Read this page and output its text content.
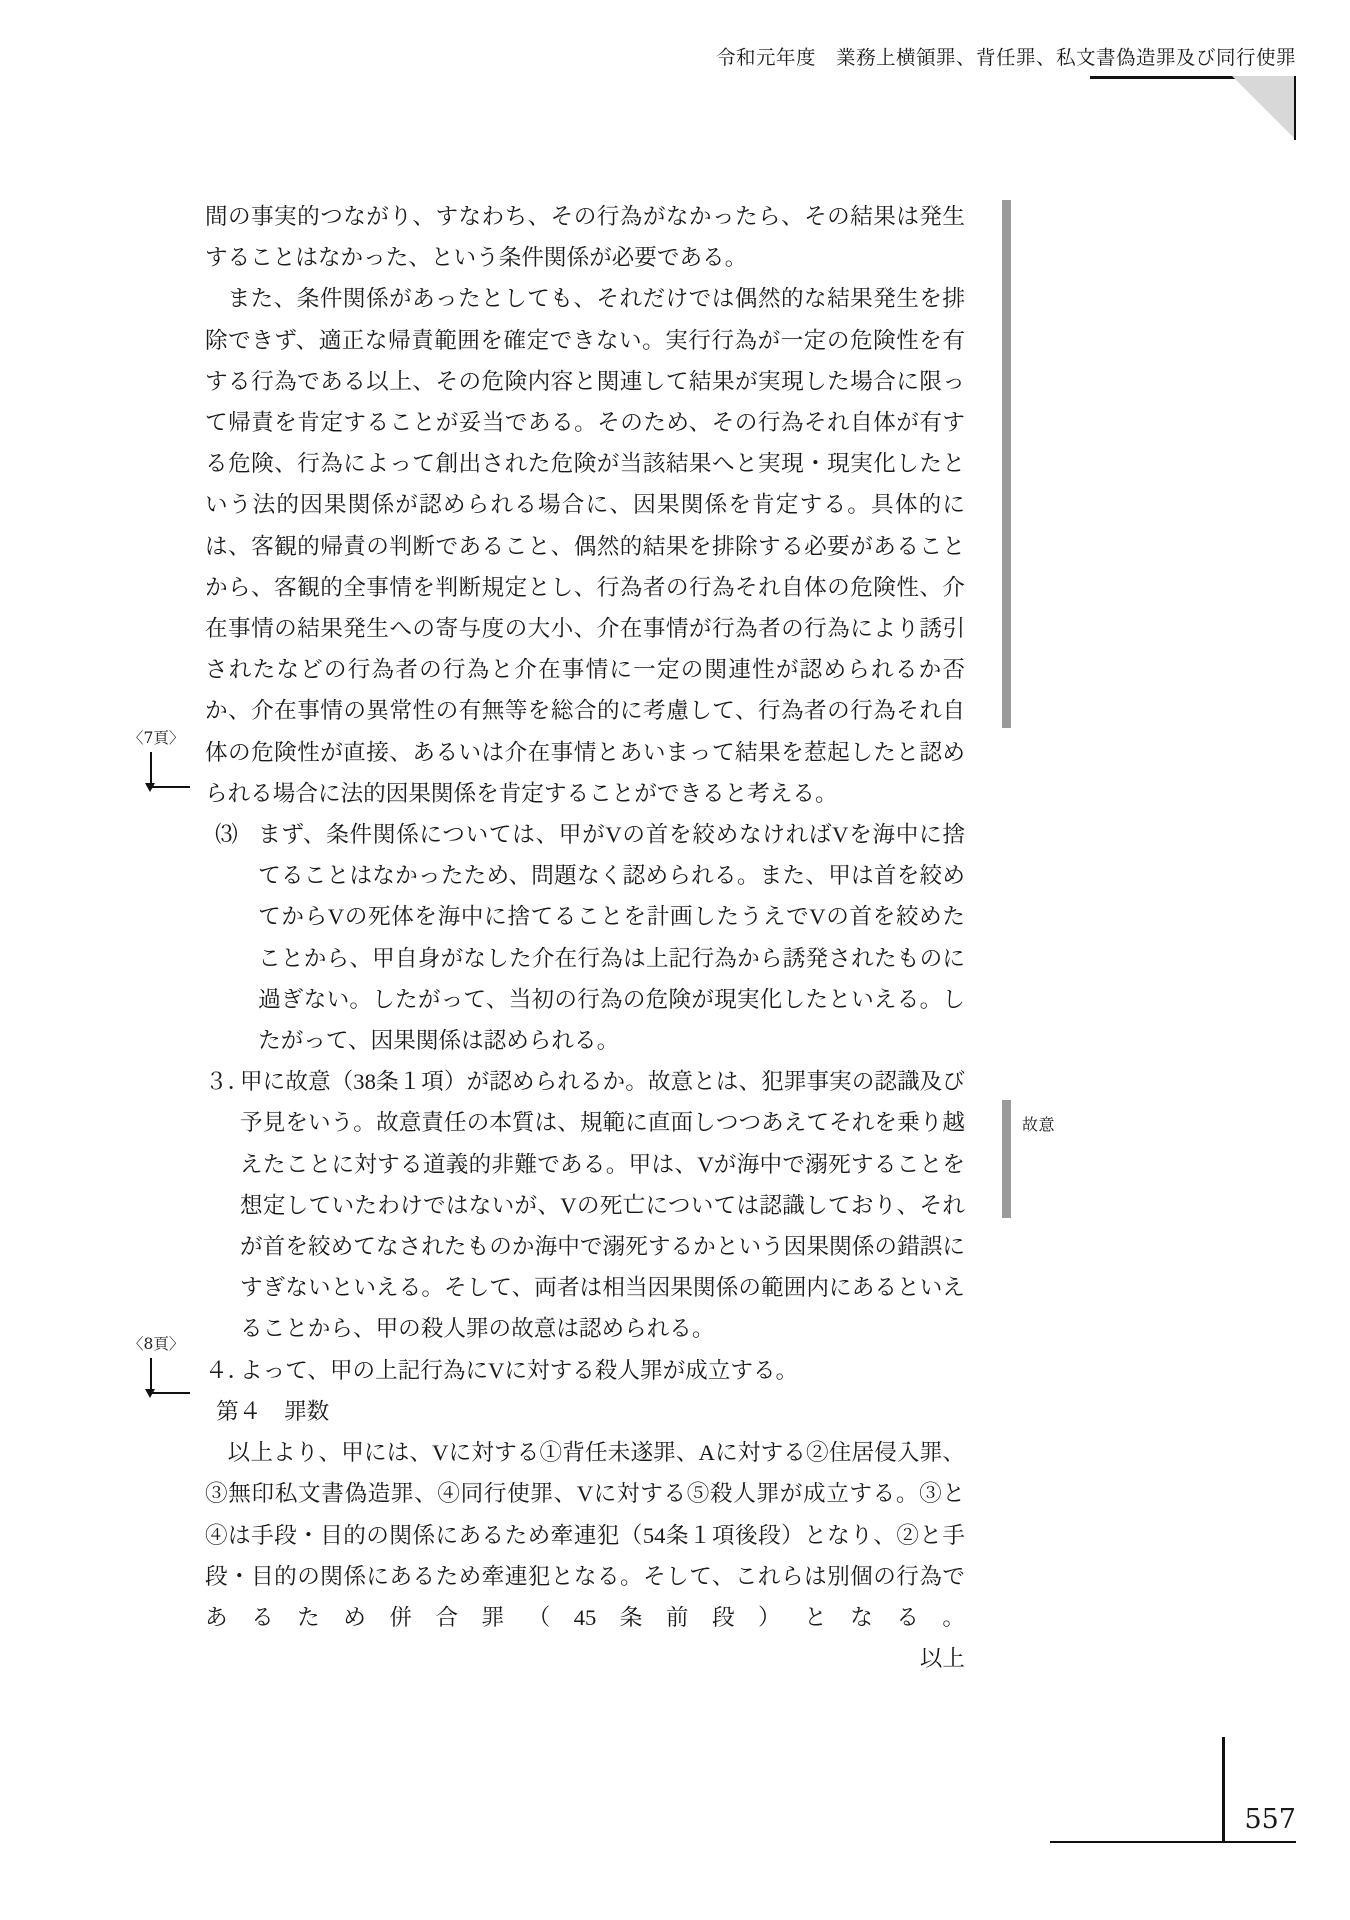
令和元年度　業務上横領罪、背任罪、私文書偽造罪及び同行使罪
〈7頁〉
〈8頁〉
故意

間の事実的つながり、すなわち、その行為がなかったら、その結果は発生することはなかった、という条件関係が必要である。

また、条件関係があったとしても、それだけでは偶然的な結果発生を排除できず、適正な帰責範囲を確定できない。実行行為が一定の危険性を有する行為である以上、その危険内容と関連して結果が実現した場合に限って帰責を肯定することが妥当である。そのため、その行為それ自体が有する危険、行為によって創出された危険が当該結果へと実現・現実化したという法的因果関係が認められる場合に、因果関係を肯定する。具体的には、客観的帰責の判断であること、偶然的結果を排除する必要があることから、客観的全事情を判断規定とし、行為者の行為それ自体の危険性、介在事情の結果発生への寄与度の大小、介在事情が行為者の行為により誘引されたなどの行為者の行為と介在事情に一定の関連性が認められるか否か、介在事情の異常性の有無等を総合的に考慮して、行為者の行為それ自体の危険性が直接、あるいは介在事情とあいまって結果を惹起したと認められる場合に法的因果関係を肯定することができると考える。

⑶ まず、条件関係については、甲がVの首を絞めなければVを海中に捨てることはなかったため、問題なく認められる。また、甲は首を絞めてからVの死体を海中に捨てることを計画したうえでVの首を絞めたことから、甲自身がなした介在行為は上記行為から誘発されたものに過ぎない。したがって、当初の行為の危険が現実化したといえる。したがって、因果関係は認められる。

３．
甲に故意（38条１項）が認められるか。故意とは、犯罪事実の認識及び予見をいう。故意責任の本質は、規範に直面しつつあえてそれを乗り越えたことに対する道義的非難である。甲は、Vが海中で溺死することを想定していたわけではないが、Vの死亡については認識しており、それが首を絞めてなされたものか海中で溺死するかという因果関係の錯誤にすぎないといえる。そして、両者は相当因果関係の範囲内にあるといえることから、甲の殺人罪の故意は認められる。

４．
よって、甲の上記行為にVに対する殺人罪が成立する。

第４　罪数

以上より、甲には、Vに対する①背任未遂罪、Aに対する②住居侵入罪、③無印私文書偽造罪、④同行使罪、Vに対する⑤殺人罪が成立する。③と④は手段・目的の関係にあるため牽連犯（54条１項後段）となり、②と手段・目的の関係にあるため牽連犯となる。そして、これらは別個の行為であるため併合罪（45条前段）となる。以上

557
